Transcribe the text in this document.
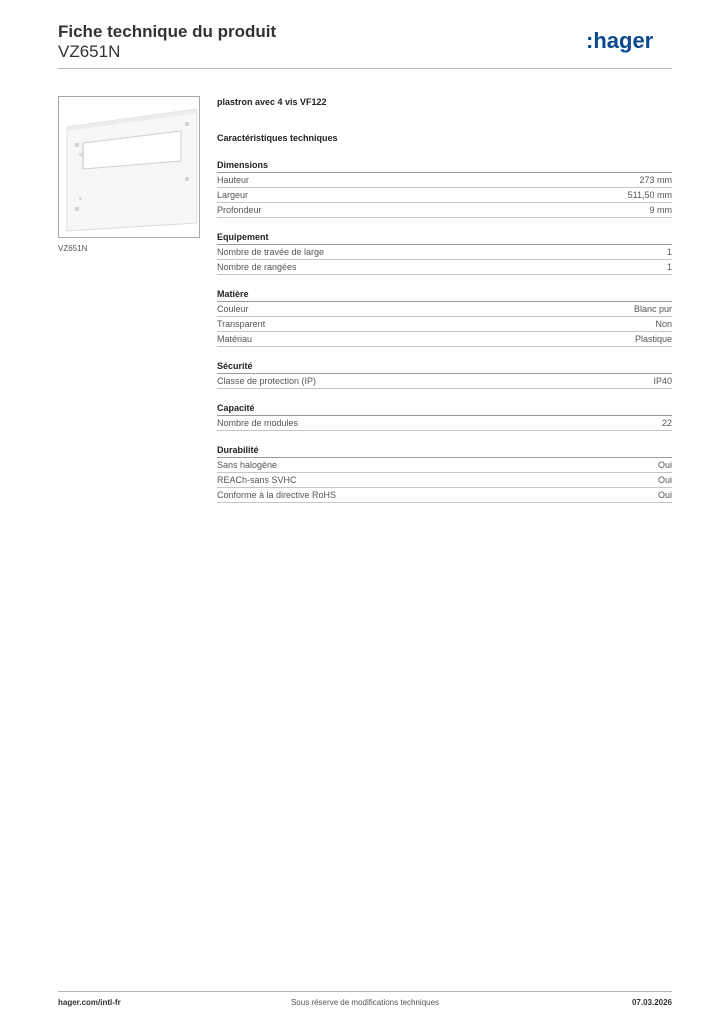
Fiche technique du produit
VZ651N	:hager
VZ651N
plastron avec 4 vis VF122
Caractéristiques techniques
Dimensions
Hauteur	273 mm
Largeur	511,50 mm
Profondeur	9 mm
Equipement
Nombre de travée de large	1
Nombre de rangées	1
Matière
Couleur	Blanc pur
Transparent	Non
Matériau	Plastique
Sécurité
Classe de protection (IP)	IP40
Capacité
Nombre de modules	22
Durabilité
Sans halogène	Oui
REACh-sans SVHC	Oui
Conforme à la directive RoHS	Oui
hager.com/intl-fr	Sous réserve de modifications techniques	07.03.2026
